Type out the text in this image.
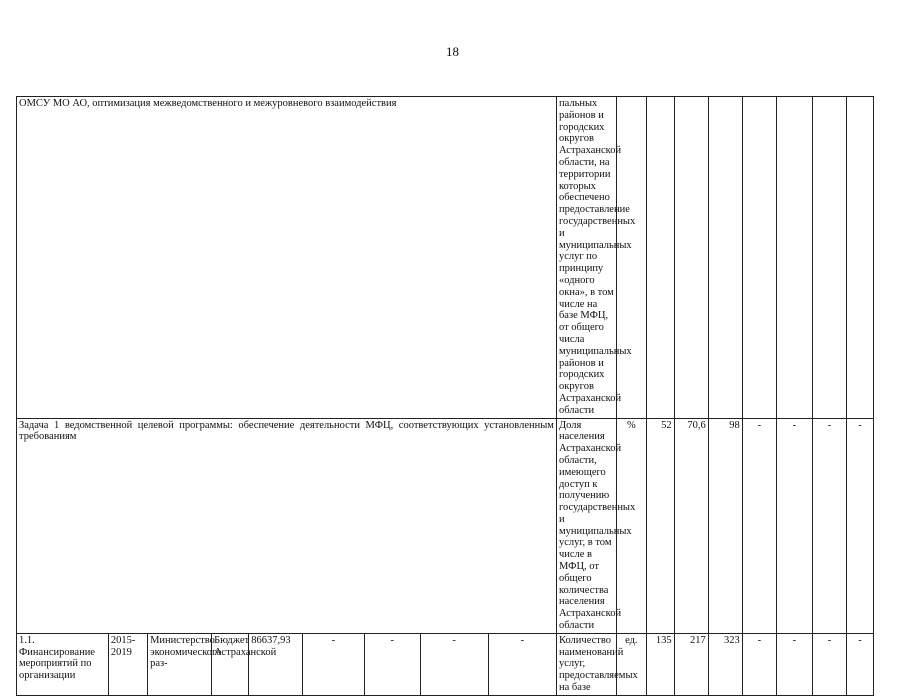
18
ОМСУ МО АО, оптимизация межведомственного и межуровневого взаимодействия									пальных районов и городских округов Астраханской области, на территории которых обеспечено предоставление государственных и муниципальных услуг по принципу «одного окна», в том числе на базе МФЦ, от общего числа муниципальных районов и городских округов Астраханской области								
Задача 1 ведомственной целевой программы: обеспечение деятельности МФЦ, соответствующих установленным требованиям									Доля населения Астраханской области, имеющего доступ к получению государственных и муниципальных услуг, в том числе в МФЦ, от общего количества населения Астраханской области	%	52	70,6	98	-	-	-	-
1.1. Финансирование мероприятий по организации	2015-2019	Министерство экономического раз-	Бюджет Астраханской	86637,93	-	-	-	-	Количество наименований услуг, предоставляемых на базе	ед.	135	217	323	-	-	-	-
